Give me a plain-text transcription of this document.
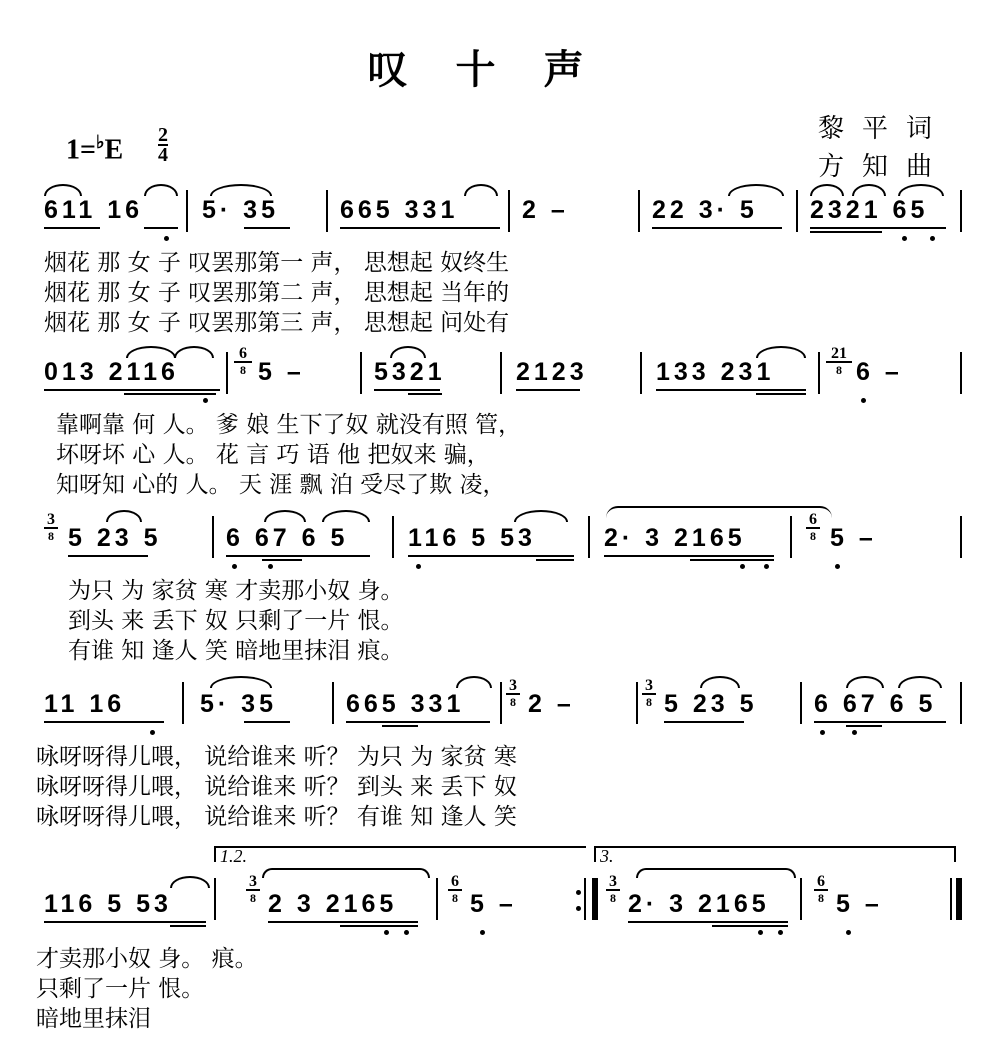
叹十声
黎平词
方知曲
$1=^♭E \frac{2}{4}$
611 16 5· 35 665 331	2 –	22 3· 5 2321 65
烟花 那 女 子 叹罢那第一 声， 思想起 奴终生
烟花 那 女 子 叹罢那第二 声， 思想起 当年的
烟花 那 女 子 叹罢那第三 声， 思想起 问处有
013 2116
6
8 5 –	5321	2123	133 231
21
8 6 –
靠啊靠 何 人。 爹 娘 生下了奴 就没有照 管，
坏呀坏 心 人。 花 言 巧 语 他 把奴来 骗，
知呀知 心的 人。 天 涯 飘 泊 受尽了欺 凌，
3
8 5 23 5	6 67 6 5 116 5 53	2· 3 2165
6
8 5 –
为只 为 家贫 寒 才卖那小奴 身。
到头 来 丢下 奴 只剩了一片 恨。
有谁 知 逢人 笑 暗地里抹泪 痕。
11 16	5· 35	665 331
3
8 2 –
3
8 5 23 5 6 67 6 5
咏呀呀得儿喂， 说给谁来 听？ 为只 为 家贫 寒
咏呀呀得儿喂， 说给谁来 听？ 到头 来 丢下 奴
咏呀呀得儿喂， 说给谁来 听？ 有谁 知 逢人 笑
1.2.	3.
116 5 53
3
8 2 3 2165
6
8 5 –
3
8 2· 3 2165
6
8 5 –
才卖那小奴 身。 痕。
只剩了一片 恨。
暗地里抹泪
